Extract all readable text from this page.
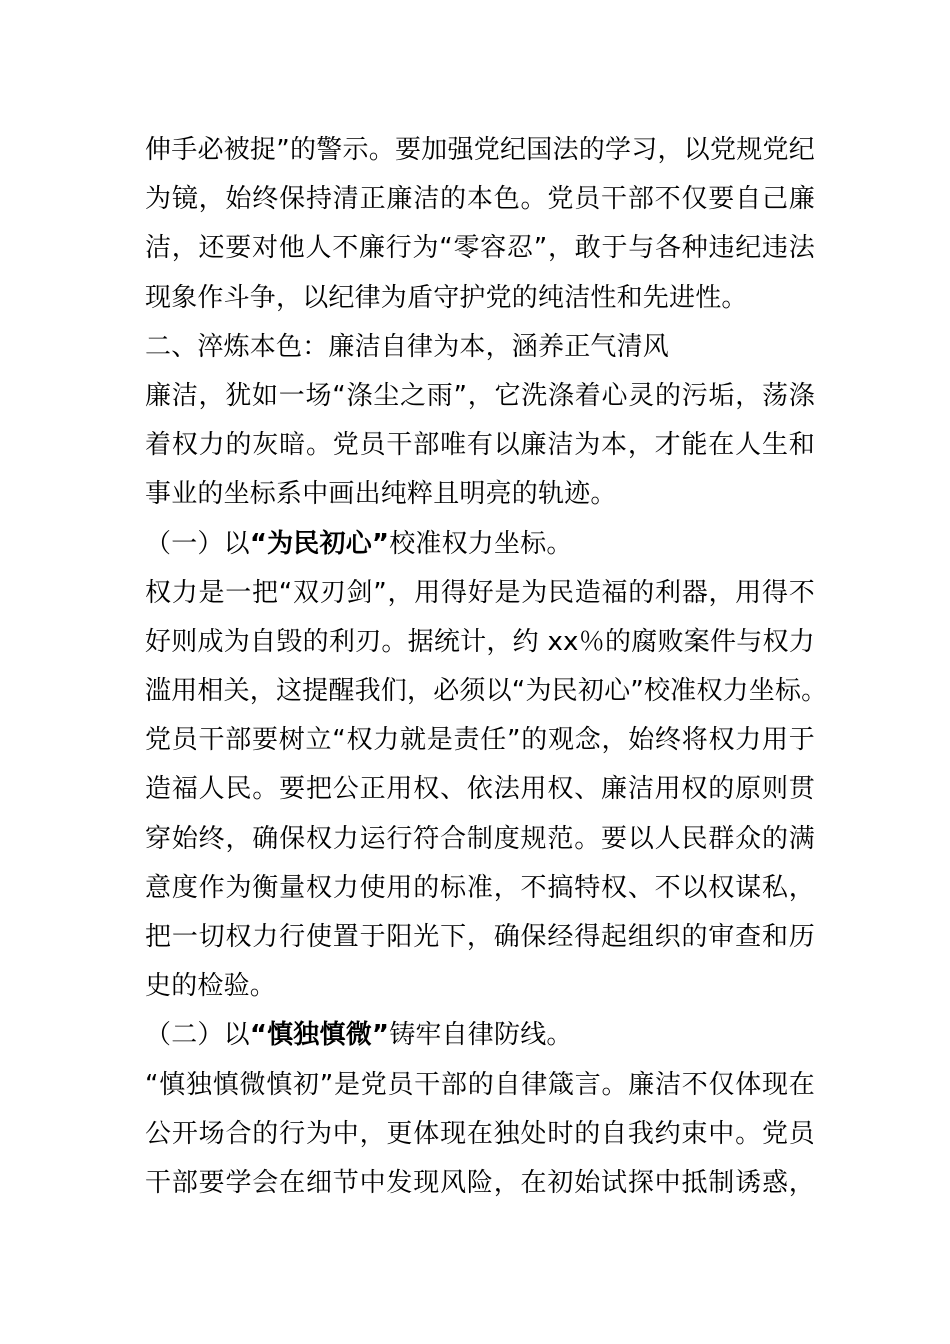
伸手必被捉”的警示。要加强党纪国法的学习，以党规党纪
为镜，始终保持清正廉洁的本色。党员干部不仅要自己廉
洁，还要对他人不廉行为“零容忍”，敢于与各种违纪违法
现象作斗争，以纪律为盾守护党的纯洁性和先进性。
二、淬炼本色：廉洁自律为本，涵养正气清风
廉洁，犹如一场“涤尘之雨”，它洗涤着心灵的污垢，荡涤
着权力的灰暗。党员干部唯有以廉洁为本，才能在人生和
事业的坐标系中画出纯粹且明亮的轨迹。
（一）以“为民初心”校准权力坐标。
权力是一把“双刃剑”，用得好是为民造福的利器，用得不
好则成为自毁的利刃。据统计，约 xx％的腐败案件与权力
滥用相关，这提醒我们，必须以“为民初心”校准权力坐标。
党员干部要树立“权力就是责任”的观念，始终将权力用于
造福人民。要把公正用权、依法用权、廉洁用权的原则贯
穿始终，确保权力运行符合制度规范。要以人民群众的满
意度作为衡量权力使用的标准，不搞特权、不以权谋私，
把一切权力行使置于阳光下，确保经得起组织的审查和历
史的检验。
（二）以“慎独慎微”铸牢自律防线。
“慎独慎微慎初”是党员干部的自律箴言。廉洁不仅体现在
公开场合的行为中，更体现在独处时的自我约束中。党员
干部要学会在细节中发现风险，在初始试探中抵制诱惑，
